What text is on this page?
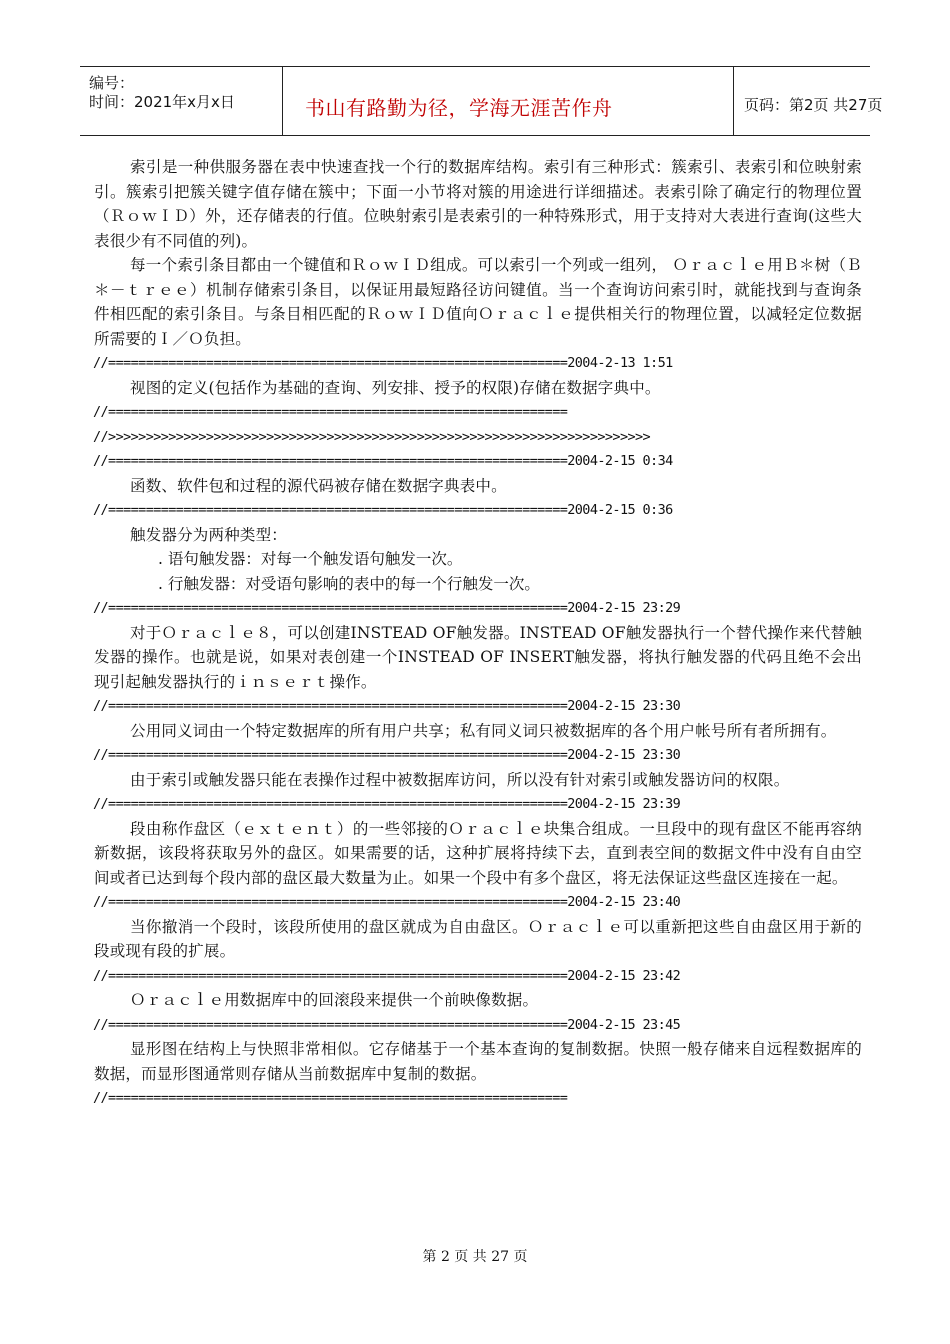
编号：
时间：2021年x月x日	书山有路勤为径，学海无涯苦作舟	页码：第2页 共27页

索引是一种供服务器在表中快速查找一个行的数据库结构。索引有三种形式：簇索引、表索引和位映射索引。簇索引把簇关键字值存储在簇中；下面一小节将对簇的用途进行详细描述。表索引除了确定行的物理位置（ＲｏｗＩＤ）外，还存储表的行值。位映射索引是表索引的一种特殊形式，用于支持对大表进行查询(这些大表很少有不同值的列)。

每一个索引条目都由一个键值和ＲｏｗＩＤ组成。可以索引一个列或一组列， Ｏｒａｃｌｅ用Ｂ＊树（Ｂ＊－ｔｒｅｅ）机制存储索引条目，以保证用最短路径访问键值。当一个查询访问索引时，就能找到与查询条件相匹配的索引条目。与条目相匹配的ＲｏｗＩＤ值向Ｏｒａｃｌｅ提供相关行的物理位置，以减轻定位数据所需要的Ｉ／Ｏ负担。

//=============================================================2004-2-13 1:51

视图的定义(包括作为基础的查询、列安排、授予的权限)存储在数据字典中。

//=============================================================

//>>>>>>>>>>>>>>>>>>>>>>>>>>>>>>>>>>>>>>>>>>>>>>>>>>>>>>>>>>>>>>>>>>>>>>>>

//=============================================================2004-2-15 0:34

函数、软件包和过程的源代码被存储在数据字典表中。

//=============================================================2004-2-15 0:36

触发器分为两种类型：

. 语句触发器：对每一个触发语句触发一次。

. 行触发器：对受语句影响的表中的每一个行触发一次。

//=============================================================2004-2-15 23:29

对于Ｏｒａｃｌｅ８，可以创建INSTEAD OF触发器。INSTEAD OF触发器执行一个替代操作来代替触发器的操作。也就是说，如果对表创建一个INSTEAD OF INSERT触发器，将执行触发器的代码且绝不会出现引起触发器执行的ｉｎｓｅｒｔ操作。

//=============================================================2004-2-15 23:30

公用同义词由一个特定数据库的所有用户共享；私有同义词只被数据库的各个用户帐号所有者所拥有。

//=============================================================2004-2-15 23:30

由于索引或触发器只能在表操作过程中被数据库访问，所以没有针对索引或触发器访问的权限。

//=============================================================2004-2-15 23:39

段由称作盘区（ｅｘｔｅｎｔ）的一些邻接的Ｏｒａｃｌｅ块集合组成。一旦段中的现有盘区不能再容纳新数据，该段将获取另外的盘区。如果需要的话，这种扩展将持续下去，直到表空间的数据文件中没有自由空间或者已达到每个段内部的盘区最大数量为止。如果一个段中有多个盘区，将无法保证这些盘区连接在一起。

//=============================================================2004-2-15 23:40

当你撤消一个段时，该段所使用的盘区就成为自由盘区。Ｏｒａｃｌｅ可以重新把这些自由盘区用于新的段或现有段的扩展。

//=============================================================2004-2-15 23:42

Ｏｒａｃｌｅ用数据库中的回滚段来提供一个前映像数据。

//=============================================================2004-2-15 23:45

显形图在结构上与快照非常相似。它存储基于一个基本查询的复制数据。快照一般存储来自远程数据库的数据，而显形图通常则存储从当前数据库中复制的数据。

//=============================================================

第 2 页 共 27 页
